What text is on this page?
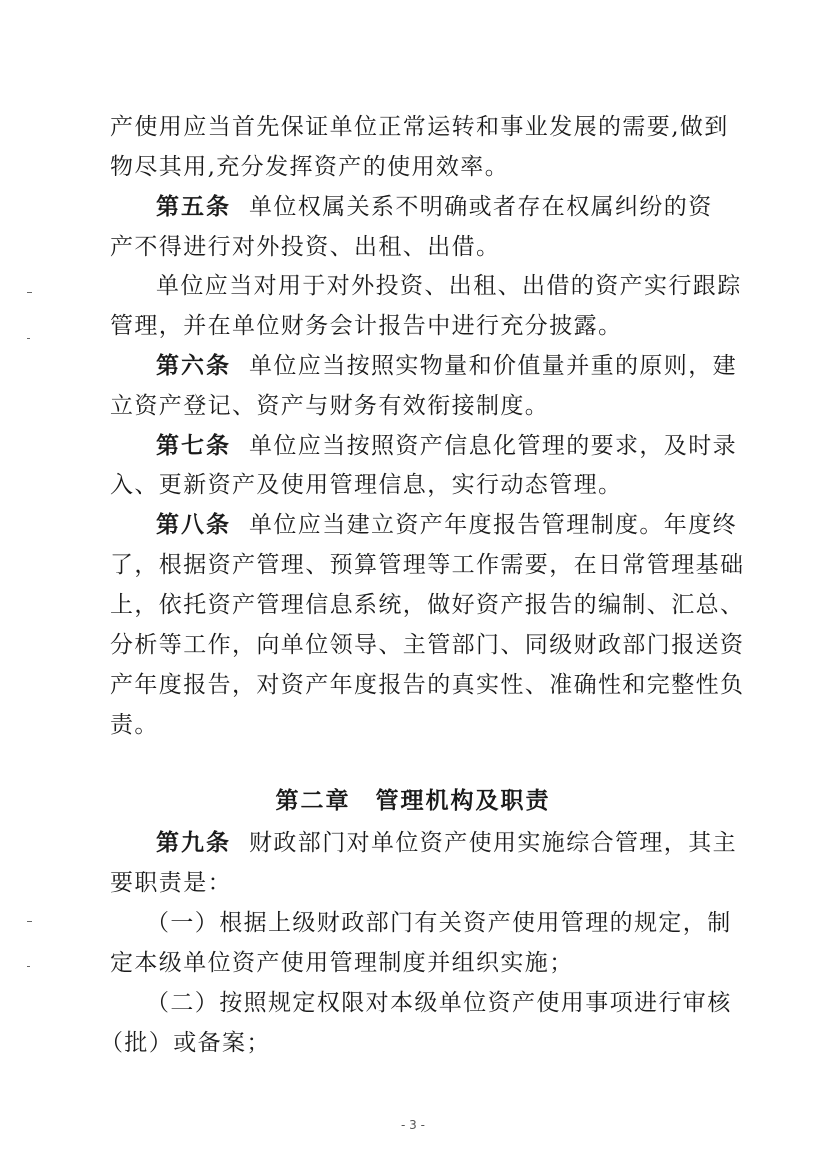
产使用应当首先保证单位正常运转和事业发展的需要,做到
物尽其用,充分发挥资产的使用效率。
第五条 单位权属关系不明确或者存在权属纠纷的资
产不得进行对外投资、出租、出借。
单位应当对用于对外投资、出租、出借的资产实行跟踪
管理，并在单位财务会计报告中进行充分披露。
第六条 单位应当按照实物量和价值量并重的原则，建
立资产登记、资产与财务有效衔接制度。
第七条 单位应当按照资产信息化管理的要求，及时录
入、更新资产及使用管理信息，实行动态管理。
第八条 单位应当建立资产年度报告管理制度。年度终
了，根据资产管理、预算管理等工作需要，在日常管理基础
上，依托资产管理信息系统，做好资产报告的编制、汇总、
分析等工作，向单位领导、主管部门、同级财政部门报送资
产年度报告，对资产年度报告的真实性、准确性和完整性负
责。
第二章　管理机构及职责
第九条 财政部门对单位资产使用实施综合管理，其主
要职责是：
（一）根据上级财政部门有关资产使用管理的规定，制
定本级单位资产使用管理制度并组织实施；
（二）按照规定权限对本级单位资产使用事项进行审核
（批）或备案；
- 3 -
